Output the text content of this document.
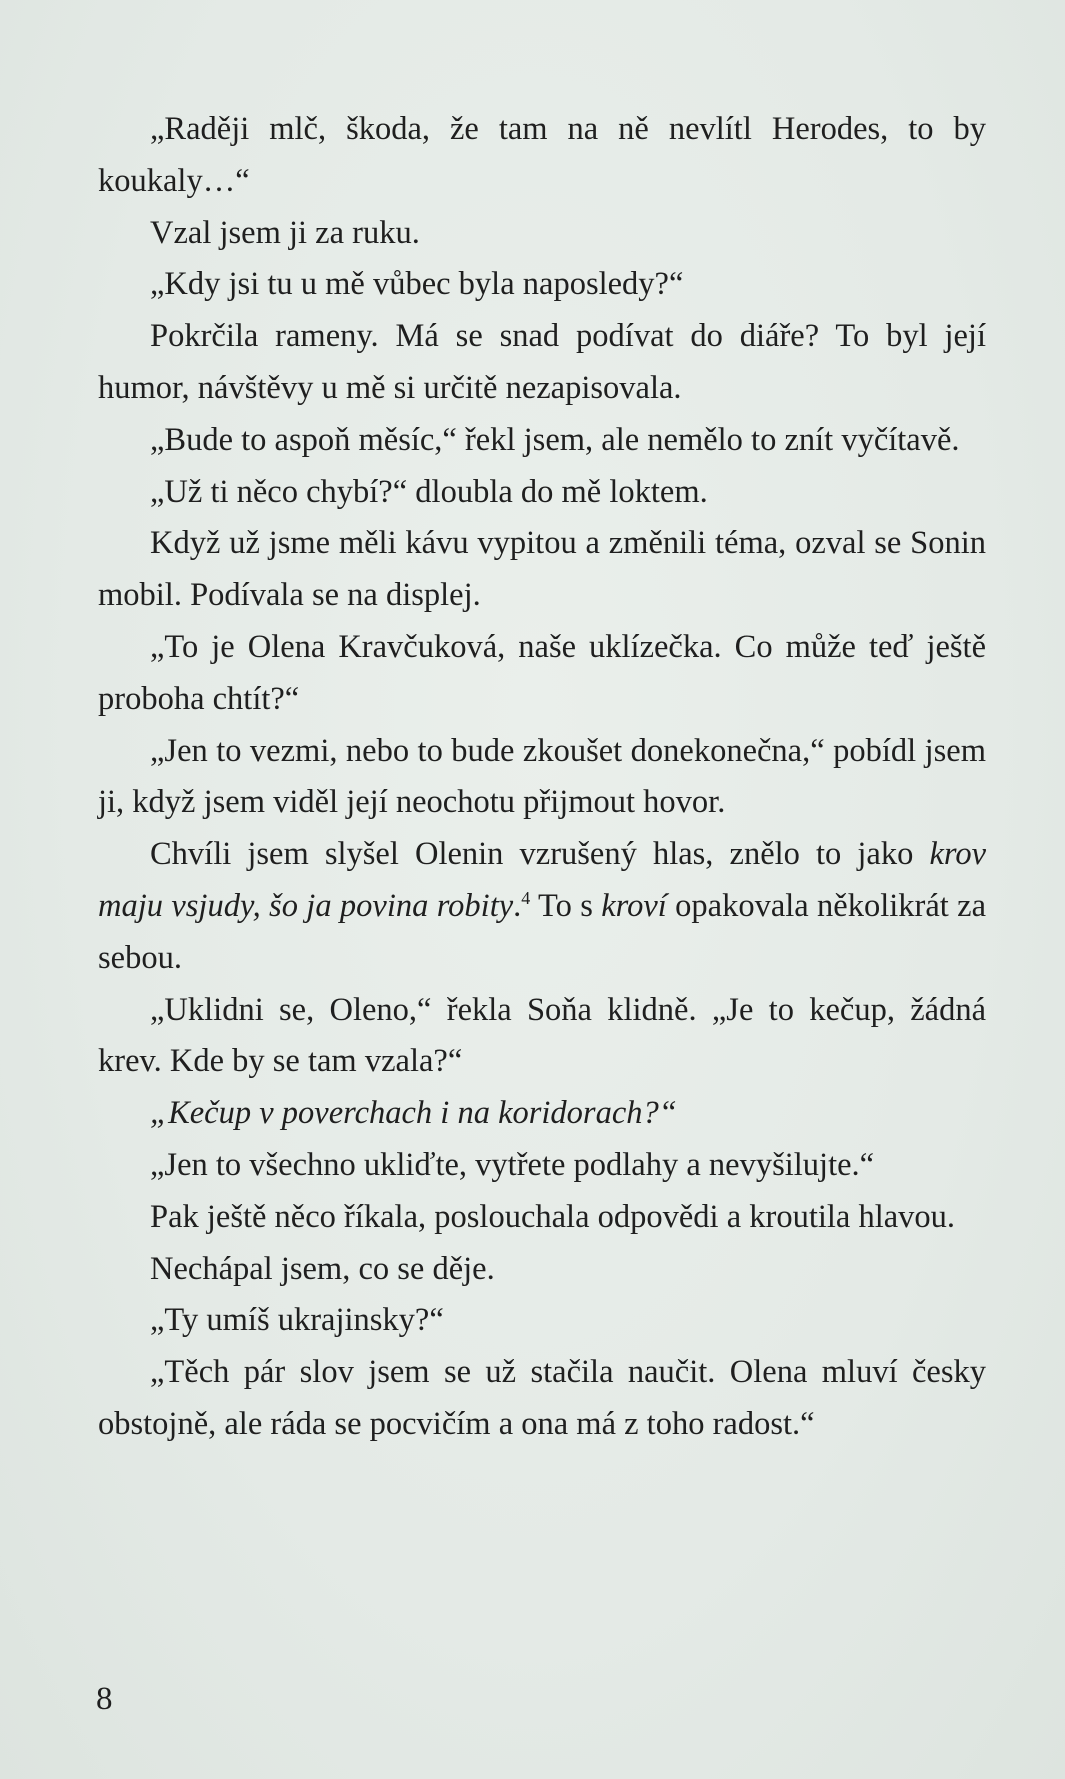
„Raději mlč, škoda, že tam na ně nevlítl Herodes, to by koukaly…“

Vzal jsem ji za ruku.

„Kdy jsi tu u mě vůbec byla naposledy?“

Pokrčila rameny. Má se snad podívat do diáře? To byl její humor, návštěvy u mě si určitě nezapisovala.

„Bude to aspoň měsíc,“ řekl jsem, ale nemělo to znít vyčítavě.

„Už ti něco chybí?“ dloubla do mě loktem.

Když už jsme měli kávu vypitou a změnili téma, ozval se Sonin mobil. Podívala se na displej.

„To je Olena Kravčuková, naše uklízečka. Co může teď ještě proboha chtít?“

„Jen to vezmi, nebo to bude zkoušet donekonečna,“ pobídl jsem ji, když jsem viděl její neochotu přijmout hovor.

Chvíli jsem slyšel Olenin vzrušený hlas, znělo to jako krov maju vsjudy, šo ja povina robity.$^4$ To s kroví opakovala několikrát za sebou.

„Uklidni se, Oleno,“ řekla Soňa klidně. „Je to kečup, žádná krev. Kde by se tam vzala?“

„Kečup v poverchach i na koridorach?“

„Jen to všechno ukliďte, vytřete podlahy a nevyšilujte.“

Pak ještě něco říkala, poslouchala odpovědi a kroutila hlavou.

Nechápal jsem, co se děje.

„Ty umíš ukrajinsky?“

„Těch pár slov jsem se už stačila naučit. Olena mluví česky obstojně, ale ráda se pocvičím a ona má z toho radost.“

8
